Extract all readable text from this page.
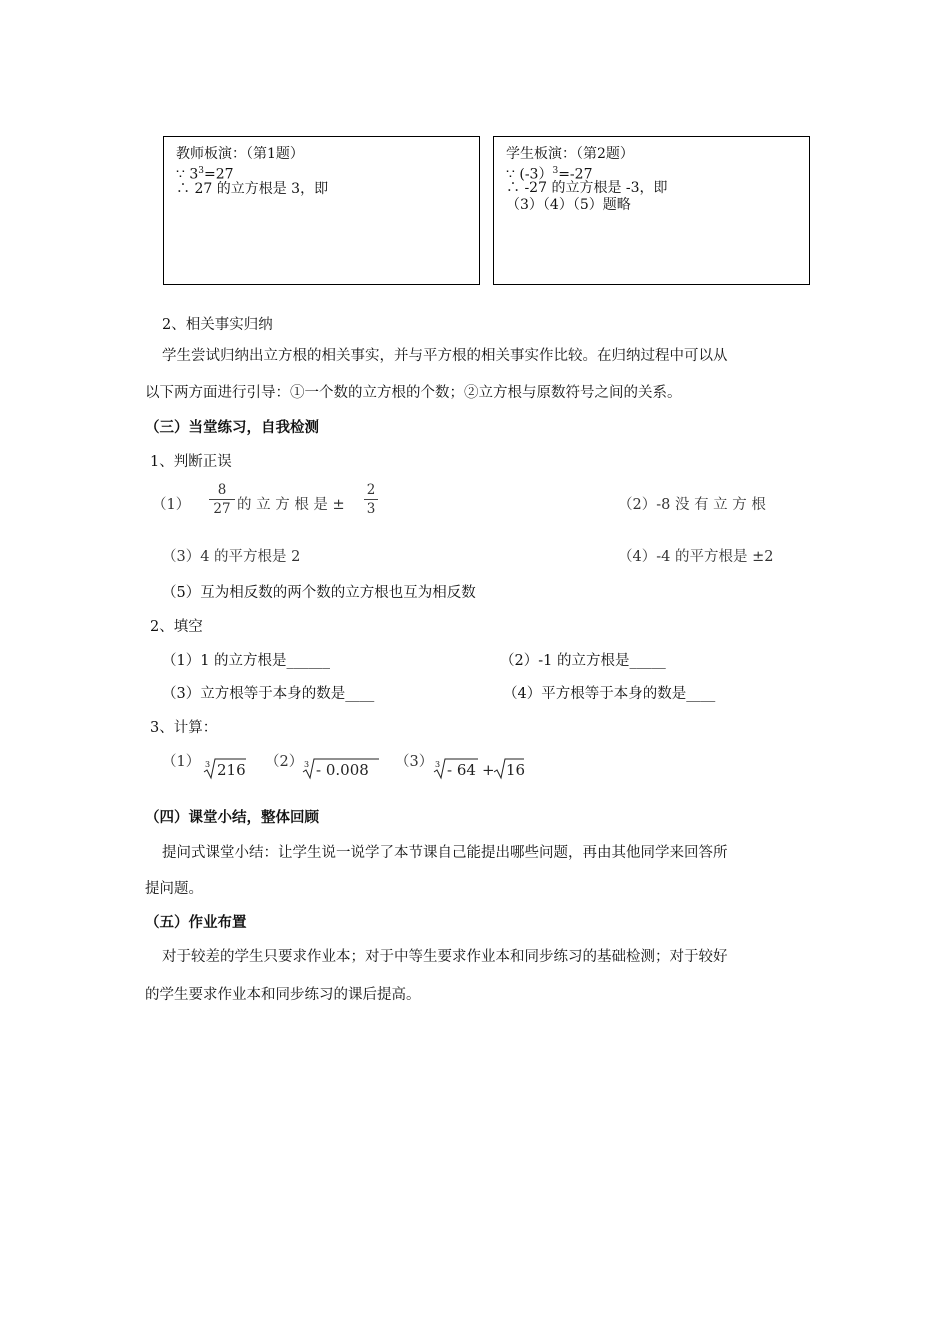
教师板演：（第1题）
∵ $3^3=27$
∴ 27 的立方根是 3，即
学生板演：（第2题）
∵ (-3）$^3$=-27
∴ -27 的立方根是 -3，即
（3）（4）（5）题略
2、相关事实归纳
学生尝试归纳出立方根的相关事实，并与平方根的相关事实作比较。在归纳过程中可以从
以下两方面进行引导：①一个数的立方根的个数；②立方根与原数符号之间的关系。
（三）当堂练习，自我检测
1、判断正误
（1）
8
27 的 立 方 根 是 ±
2
3	（2）-8 没 有 立 方 根
（3）4 的平方根是 2	（4）-4 的平方根是 ±2
（5）互为相反数的两个数的立方根也互为相反数
2、填空
（1）1 的立方根是______	（2）-1 的立方根是_____
（3）立方根等于本身的数是____	（4）平方根等于本身的数是____
3、计算：
（1） 3 216 （2） 3 - 0.008 （3） 3 - 64 + 16
（四）课堂小结，整体回顾
提问式课堂小结：让学生说一说学了本节课自己能提出哪些问题，再由其他同学来回答所
提问题。
（五）作业布置
对于较差的学生只要求作业本；对于中等生要求作业本和同步练习的基础检测；对于较好
的学生要求作业本和同步练习的课后提高。
